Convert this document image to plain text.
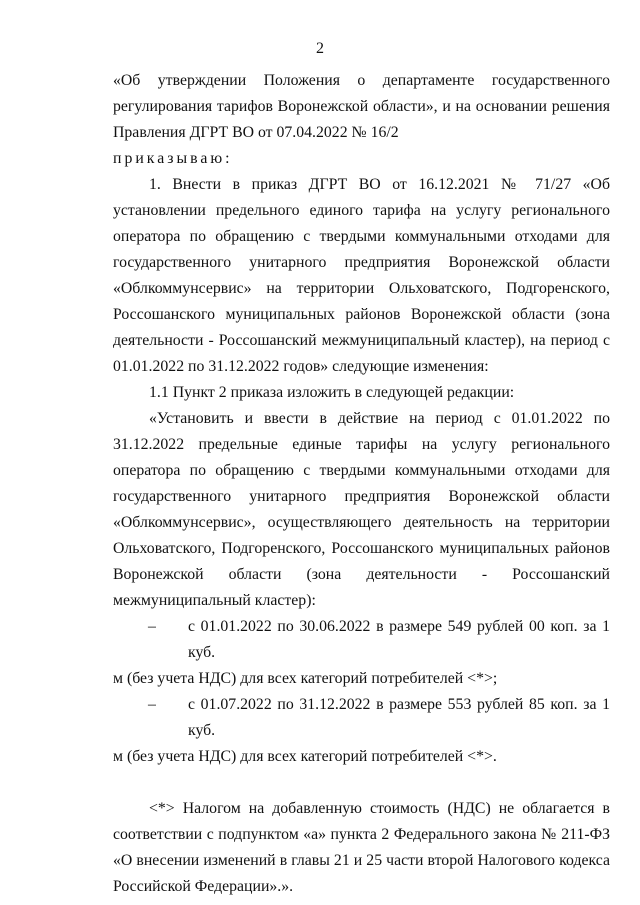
2

«Об утверждении Положения о департаменте государственного регулирования тарифов Воронежской области», и на основании решения Правления ДГРТ ВО от 07.04.2022 № 16/2

приказываю:

1. Внести в приказ ДГРТ ВО от 16.12.2021 № 71/27 «Об установлении предельного единого тарифа на услугу регионального оператора по обращению с твердыми коммунальными отходами для государственного унитарного предприятия Воронежской области «Облкоммунсервис» на территории Ольховатского, Подгоренского, Россошанского муниципальных районов Воронежской области (зона деятельности - Россошанский межмуниципальный кластер), на период с 01.01.2022 по 31.12.2022 годов» следующие изменения:

1.1 Пункт 2 приказа изложить в следующей редакции:

«Установить и ввести в действие на период с 01.01.2022 по 31.12.2022 предельные единые тарифы на услугу регионального оператора по обращению с твердыми коммунальными отходами для государственного унитарного предприятия Воронежской области «Облкоммунсервис», осуществляющего деятельность на территории Ольховатского, Подгоренского, Россошанского муниципальных районов Воронежской области (зона деятельности - Россошанский межмуниципальный кластер):

–	с 01.01.2022 по 30.06.2022 в размере 549 рублей 00 коп. за 1 куб.

м (без учета НДС) для всех категорий потребителей <*>;

–	с 01.07.2022 по 31.12.2022 в размере 553 рублей 85 коп. за 1 куб.

м (без учета НДС) для всех категорий потребителей <*>.

<*> Налогом на добавленную стоимость (НДС) не облагается в соответствии с подпунктом «а» пункта 2 Федерального закона № 211-ФЗ «О внесении изменений в главы 21 и 25 части второй Налогового кодекса Российской Федерации».».
